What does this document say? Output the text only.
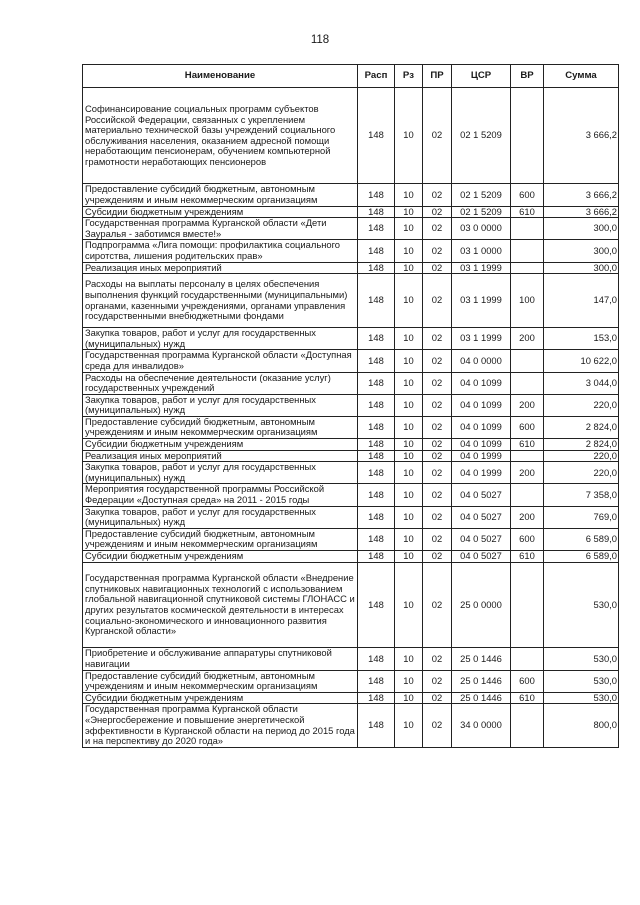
118
Наименование	Расп	Рз	ПР	ЦСР	ВР	Сумма
Софинансирование социальных программ субъектов Российской Федерации, связанных с укреплением материально технической базы учреждений социального обслуживания населения, оказанием адресной помощи неработающим пенсионерам, обучением компьютерной грамотности неработающих пенсионеров	148	10	02	02 1 5209		3 666,2
Предоставление субсидий бюджетным, автономным учреждениям и иным некоммерческим организациям	148	10	02	02 1 5209	600	3 666,2
Субсидии бюджетным учреждениям	148	10	02	02 1 5209	610	3 666,2
Государственная программа Курганской области «Дети Зауралья - заботимся вместе!»	148	10	02	03 0 0000		300,0
Подпрограмма «Лига помощи: профилактика социального сиротства, лишения родительских прав»	148	10	02	03 1 0000		300,0
Реализация иных мероприятий	148	10	02	03 1 1999		300,0
Расходы на выплаты персоналу в целях обеспечения выполнения функций государственными (муниципальными) органами, казенными учреждениями, органами управления государственными внебюджетными фондами	148	10	02	03 1 1999	100	147,0
Закупка товаров, работ и услуг для государственных (муниципальных) нужд	148	10	02	03 1 1999	200	153,0
Государственная программа Курганской области «Доступная среда для инвалидов»	148	10	02	04 0 0000		10 622,0
Расходы на обеспечение деятельности (оказание услуг) государственных учреждений	148	10	02	04 0 1099		3 044,0
Закупка товаров, работ и услуг для государственных (муниципальных) нужд	148	10	02	04 0 1099	200	220,0
Предоставление субсидий бюджетным, автономным учреждениям и иным некоммерческим организациям	148	10	02	04 0 1099	600	2 824,0
Субсидии бюджетным учреждениям	148	10	02	04 0 1099	610	2 824,0
Реализация иных мероприятий	148	10	02	04 0 1999		220,0
Закупка товаров, работ и услуг для государственных (муниципальных) нужд	148	10	02	04 0 1999	200	220,0
Мероприятия государственной программы Российской Федерации «Доступная среда» на 2011 - 2015 годы	148	10	02	04 0 5027		7 358,0
Закупка товаров, работ и услуг для государственных (муниципальных) нужд	148	10	02	04 0 5027	200	769,0
Предоставление субсидий бюджетным, автономным учреждениям и иным некоммерческим организациям	148	10	02	04 0 5027	600	6 589,0
Субсидии бюджетным учреждениям	148	10	02	04 0 5027	610	6 589,0
Государственная программа Курганской области «Внедрение спутниковых навигационных технологий с использованием глобальной навигационной спутниковой системы ГЛОНАСС и других результатов космической деятельности в интересах социально-экономического и инновационного развития Курганской области»	148	10	02	25 0 0000		530,0
Приобретение и обслуживание аппаратуры спутниковой навигации	148	10	02	25 0 1446		530,0
Предоставление субсидий бюджетным, автономным учреждениям и иным некоммерческим организациям	148	10	02	25 0 1446	600	530,0
Субсидии бюджетным учреждениям	148	10	02	25 0 1446	610	530,0
Государственная программа Курганской области «Энергосбережение и повышение энергетической эффективности в Курганской области на период до 2015 года и на перспективу до 2020 года»	148	10	02	34 0 0000		800,0
